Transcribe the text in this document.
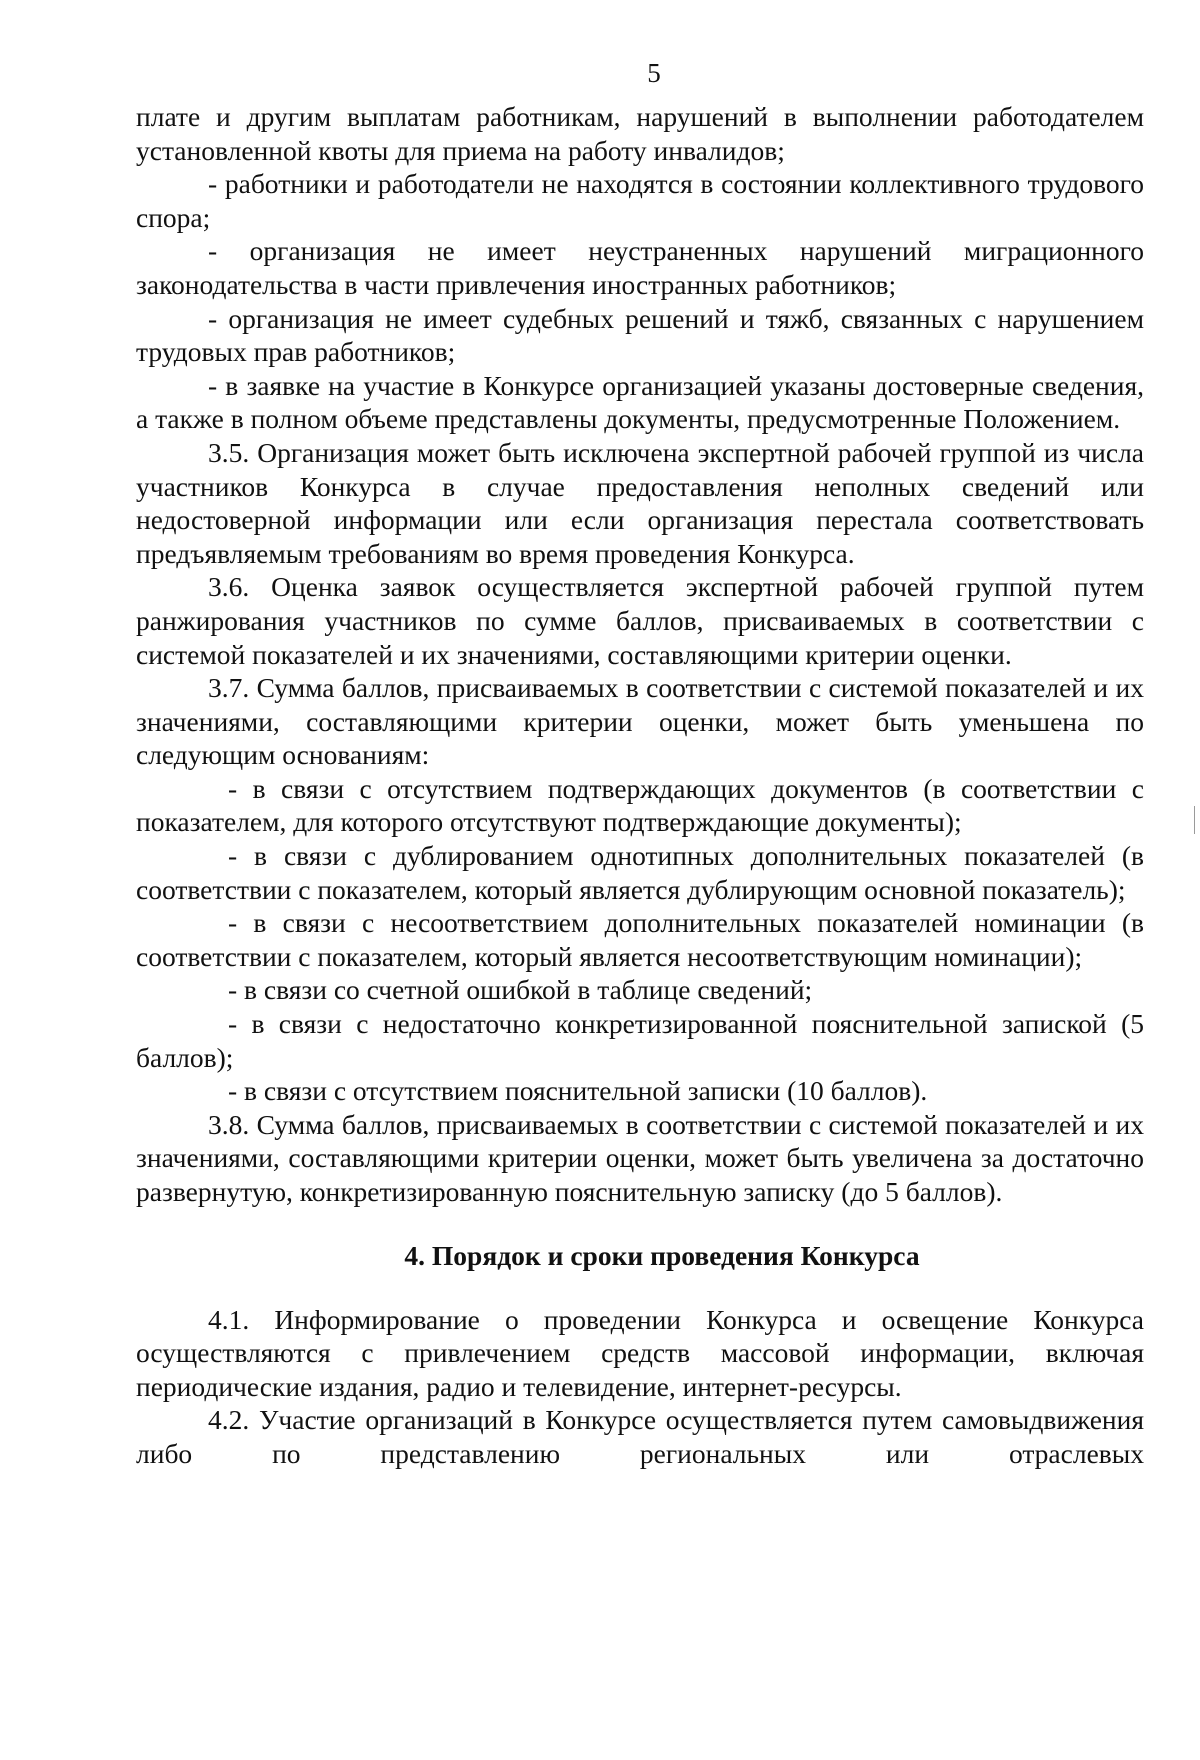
5

плате и другим выплатам работникам, нарушений в выполнении работодателем установленной квоты для приема на работу инвалидов;

- работники и работодатели не находятся в состоянии коллективного трудового спора;

- организация не имеет неустраненных нарушений миграционного законодательства в части привлечения иностранных работников;

- организация не имеет судебных решений и тяжб, связанных с нарушением трудовых прав работников;

- в заявке на участие в Конкурсе организацией указаны достоверные сведения, а также в полном объеме представлены документы, предусмотренные Положением.

3.5. Организация может быть исключена экспертной рабочей группой из числа участников Конкурса в случае предоставления неполных сведений или недостоверной информации или если организация перестала соответствовать предъявляемым требованиям во время проведения Конкурса.

3.6. Оценка заявок осуществляется экспертной рабочей группой путем ранжирования участников по сумме баллов, присваиваемых в соответствии с системой показателей и их значениями, составляющими критерии оценки.

3.7. Сумма баллов, присваиваемых в соответствии с системой показателей и их значениями, составляющими критерии оценки, может быть уменьшена по следующим основаниям:

- в связи с отсутствием подтверждающих документов (в соответствии с показателем, для которого отсутствуют подтверждающие документы);

- в связи с дублированием однотипных дополнительных показателей (в соответствии с показателем, который является дублирующим основной показатель);

- в связи с несоответствием дополнительных показателей номинации (в соответствии с показателем, который является несоответствующим номинации);

- в связи со счетной ошибкой в таблице сведений;

- в связи с недостаточно конкретизированной пояснительной запиской (5 баллов);

- в связи с отсутствием пояснительной записки (10 баллов).

3.8. Сумма баллов, присваиваемых в соответствии с системой показателей и их значениями, составляющими критерии оценки, может быть увеличена за достаточно развернутую, конкретизированную пояснительную записку (до 5 баллов).

4. Порядок и сроки проведения Конкурса

4.1. Информирование о проведении Конкурса и освещение Конкурса осуществляются с привлечением средств массовой информации, включая периодические издания, радио и телевидение, интернет-ресурсы.

4.2. Участие организаций в Конкурсе осуществляется путем самовыдвижения либо по представлению региональных или отраслевых
